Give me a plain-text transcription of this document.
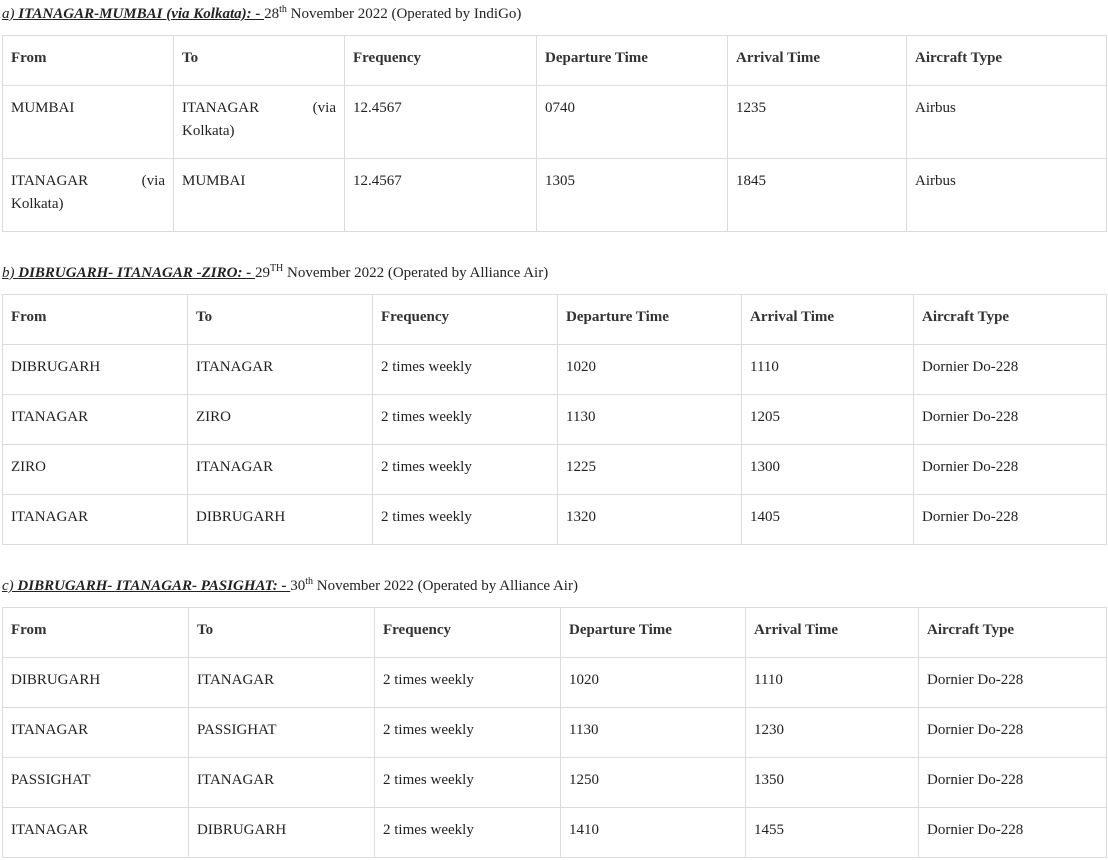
a) ITANAGAR-MUMBAI (via Kolkata): - 28th November 2022 (Operated by IndiGo)
From	To	Frequency	Departure Time	Arrival Time	Aircraft Type
MUMBAI	ITANAGAR (via Kolkata)	12.4567	0740	1235	Airbus
ITANAGAR (via Kolkata)	MUMBAI	12.4567	1305	1845	Airbus
b) DIBRUGARH- ITANAGAR -ZIRO: - 29TH November 2022 (Operated by Alliance Air)
From	To	Frequency	Departure Time	Arrival Time	Aircraft Type
DIBRUGARH	ITANAGAR	2 times weekly	1020	1110	Dornier Do-228
ITANAGAR	ZIRO	2 times weekly	1130	1205	Dornier Do-228
ZIRO	ITANAGAR	2 times weekly	1225	1300	Dornier Do-228
ITANAGAR	DIBRUGARH	2 times weekly	1320	1405	Dornier Do-228
c) DIBRUGARH- ITANAGAR- PASIGHAT: - 30th November 2022 (Operated by Alliance Air)
From	To	Frequency	Departure Time	Arrival Time	Aircraft Type
DIBRUGARH	ITANAGAR	2 times weekly	1020	1110	Dornier Do-228
ITANAGAR	PASSIGHAT	2 times weekly	1130	1230	Dornier Do-228
PASSIGHAT	ITANAGAR	2 times weekly	1250	1350	Dornier Do-228
ITANAGAR	DIBRUGARH	2 times weekly	1410	1455	Dornier Do-228
